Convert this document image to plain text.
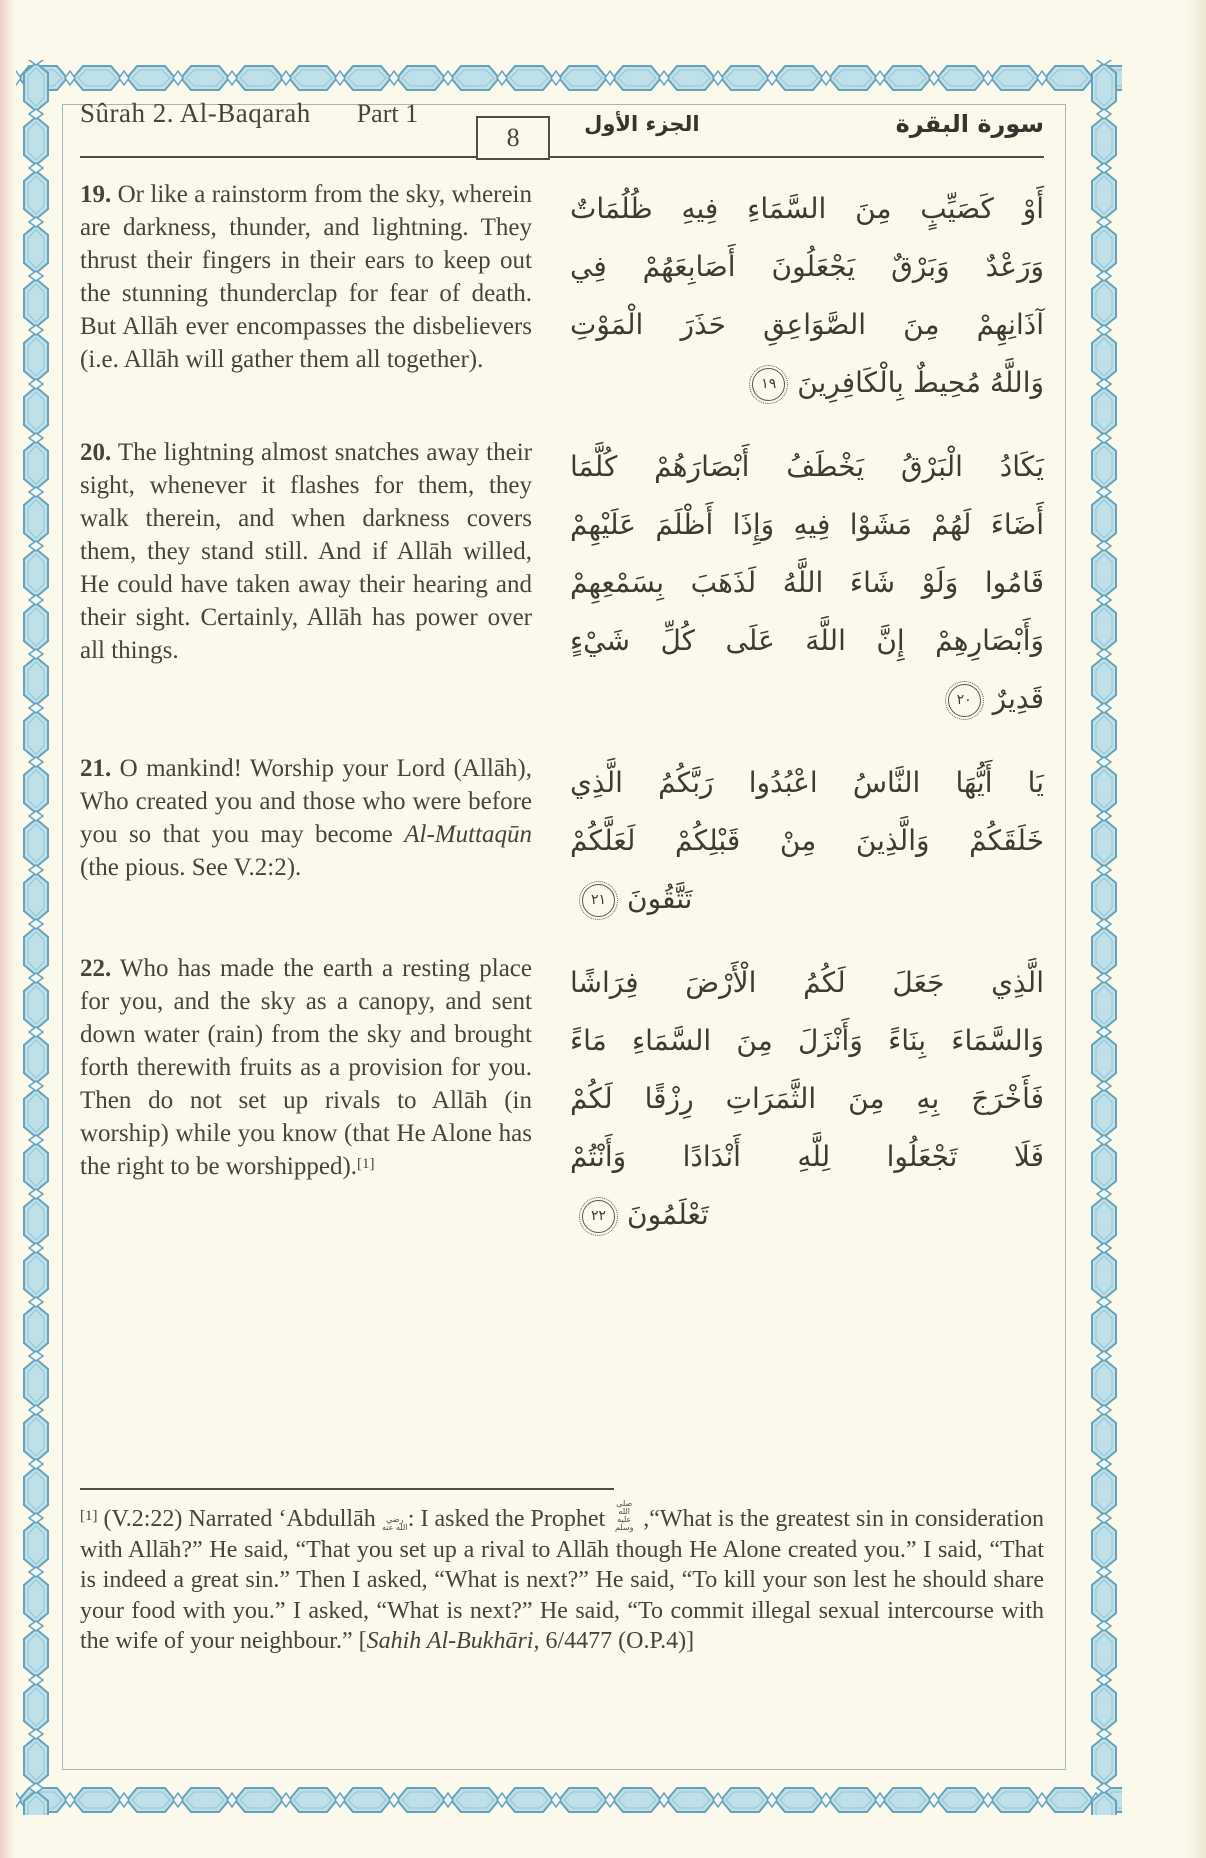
Sûrah 2. Al-Baqarah Part 1
8	الجزء الأول	سورة البقرة

19. Or like a rainstorm from the sky, wherein are darkness, thunder, and lightning. They thrust their fingers in their ears to keep out the stunning thunderclap for fear of death. But Allāh ever encompasses the disbelievers (i.e. Allāh will gather them all together).

أَوْ كَصَيِّبٍ مِنَ السَّمَاءِ فِيهِ ظُلُمَاتٌ
وَرَعْدٌ وَبَرْقٌ يَجْعَلُونَ أَصَابِعَهُمْ فِي
آذَانِهِمْ مِنَ الصَّوَاعِقِ حَذَرَ الْمَوْتِ
وَاللَّهُ مُحِيطٌ بِالْكَافِرِينَ١٩

20. The lightning almost snatches away their sight, whenever it flashes for them, they walk therein, and when darkness covers them, they stand still. And if Allāh willed, He could have taken away their hearing and their sight. Certainly, Allāh has power over all things.

يَكَادُ الْبَرْقُ يَخْطَفُ أَبْصَارَهُمْ كُلَّمَا
أَضَاءَ لَهُمْ مَشَوْا فِيهِ وَإِذَا أَظْلَمَ عَلَيْهِمْ
قَامُوا وَلَوْ شَاءَ اللَّهُ لَذَهَبَ بِسَمْعِهِمْ
وَأَبْصَارِهِمْ إِنَّ اللَّهَ عَلَى كُلِّ شَيْءٍ
قَدِيرٌ٢٠

21. O mankind! Worship your Lord (Allāh), Who created you and those who were before you so that you may become Al-Muttaqūn (the pious. See V.2:2).

يَا أَيُّهَا النَّاسُ اعْبُدُوا رَبَّكُمُ الَّذِي
خَلَقَكُمْ وَالَّذِينَ مِنْ قَبْلِكُمْ لَعَلَّكُمْ
تَتَّقُونَ٢١

22. Who has made the earth a resting place for you, and the sky as a canopy, and sent down water (rain) from the sky and brought forth therewith fruits as a provision for you. Then do not set up rivals to Allāh (in worship) while you know (that He Alone has the right to be worshipped).[1]

الَّذِي جَعَلَ لَكُمُ الْأَرْضَ فِرَاشًا
وَالسَّمَاءَ بِنَاءً وَأَنْزَلَ مِنَ السَّمَاءِ مَاءً
فَأَخْرَجَ بِهِ مِنَ الثَّمَرَاتِ رِزْقًا لَكُمْ
فَلَا تَجْعَلُوا لِلَّهِ أَنْدَادًا وَأَنْتُمْ
تَعْلَمُونَ٢٢

[1] (V.2:22) Narrated ‘Abdullāh رضي الله عنه: I asked the Prophet صلى الله عليه وسلم ,“What is the greatest sin in consideration with Allāh?” He said, “That you set up a rival to Allāh though He Alone created you.” I said, “That is indeed a great sin.” Then I asked, “What is next?” He said, “To kill your son lest he should share your food with you.” I asked, “What is next?” He said, “To commit illegal sexual intercourse with the wife of your neighbour.” [Sahih Al-Bukhāri, 6/4477 (O.P.4)]
